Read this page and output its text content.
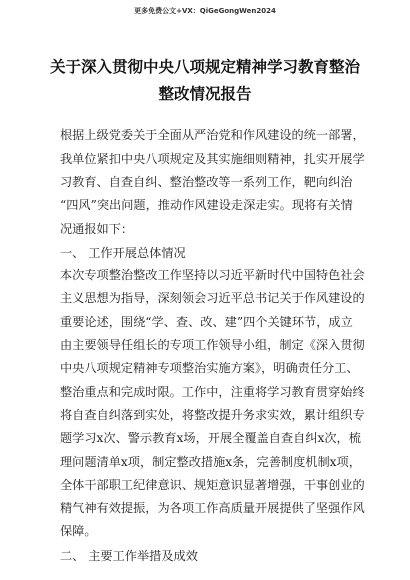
更多免费公文+VX：QiGeGongWen2024
关于深入贯彻中央八项规定精神学习教育整治
整改情况报告
根据上级党委关于全面从严治党和作风建设的统一部署，
我单位紧扣中央八项规定及其实施细则精神，扎实开展学
习教育、自查自纠、整治整改等一系列工作，靶向纠治
“四风”突出问题，推动作风建设走深走实。现将有关情
况通报如下：
一、 工作开展总体情况
本次专项整治整改工作坚持以习近平新时代中国特色社会
主义思想为指导，深刻领会习近平总书记关于作风建设的
重要论述，围绕“学、查、改、建”四个关键环节，成立
由主要领导任组长的专项工作领导小组，制定《深入贯彻
中央八项规定精神专项整治实施方案》，明确责任分工、
整治重点和完成时限。工作中，注重将学习教育贯穿始终
将自查自纠落到实处，将整改提升务求实效，累计组织专
题学习x次、警示教育x场，开展全覆盖自查自纠x次，梳
理问题清单x项，制定整改措施x条，完善制度机制x项，
全体干部职工纪律意识、规矩意识显著增强，干事创业的
精气神有效提振，为各项工作高质量开展提供了坚强作风
保障。
二、 主要工作举措及成效
